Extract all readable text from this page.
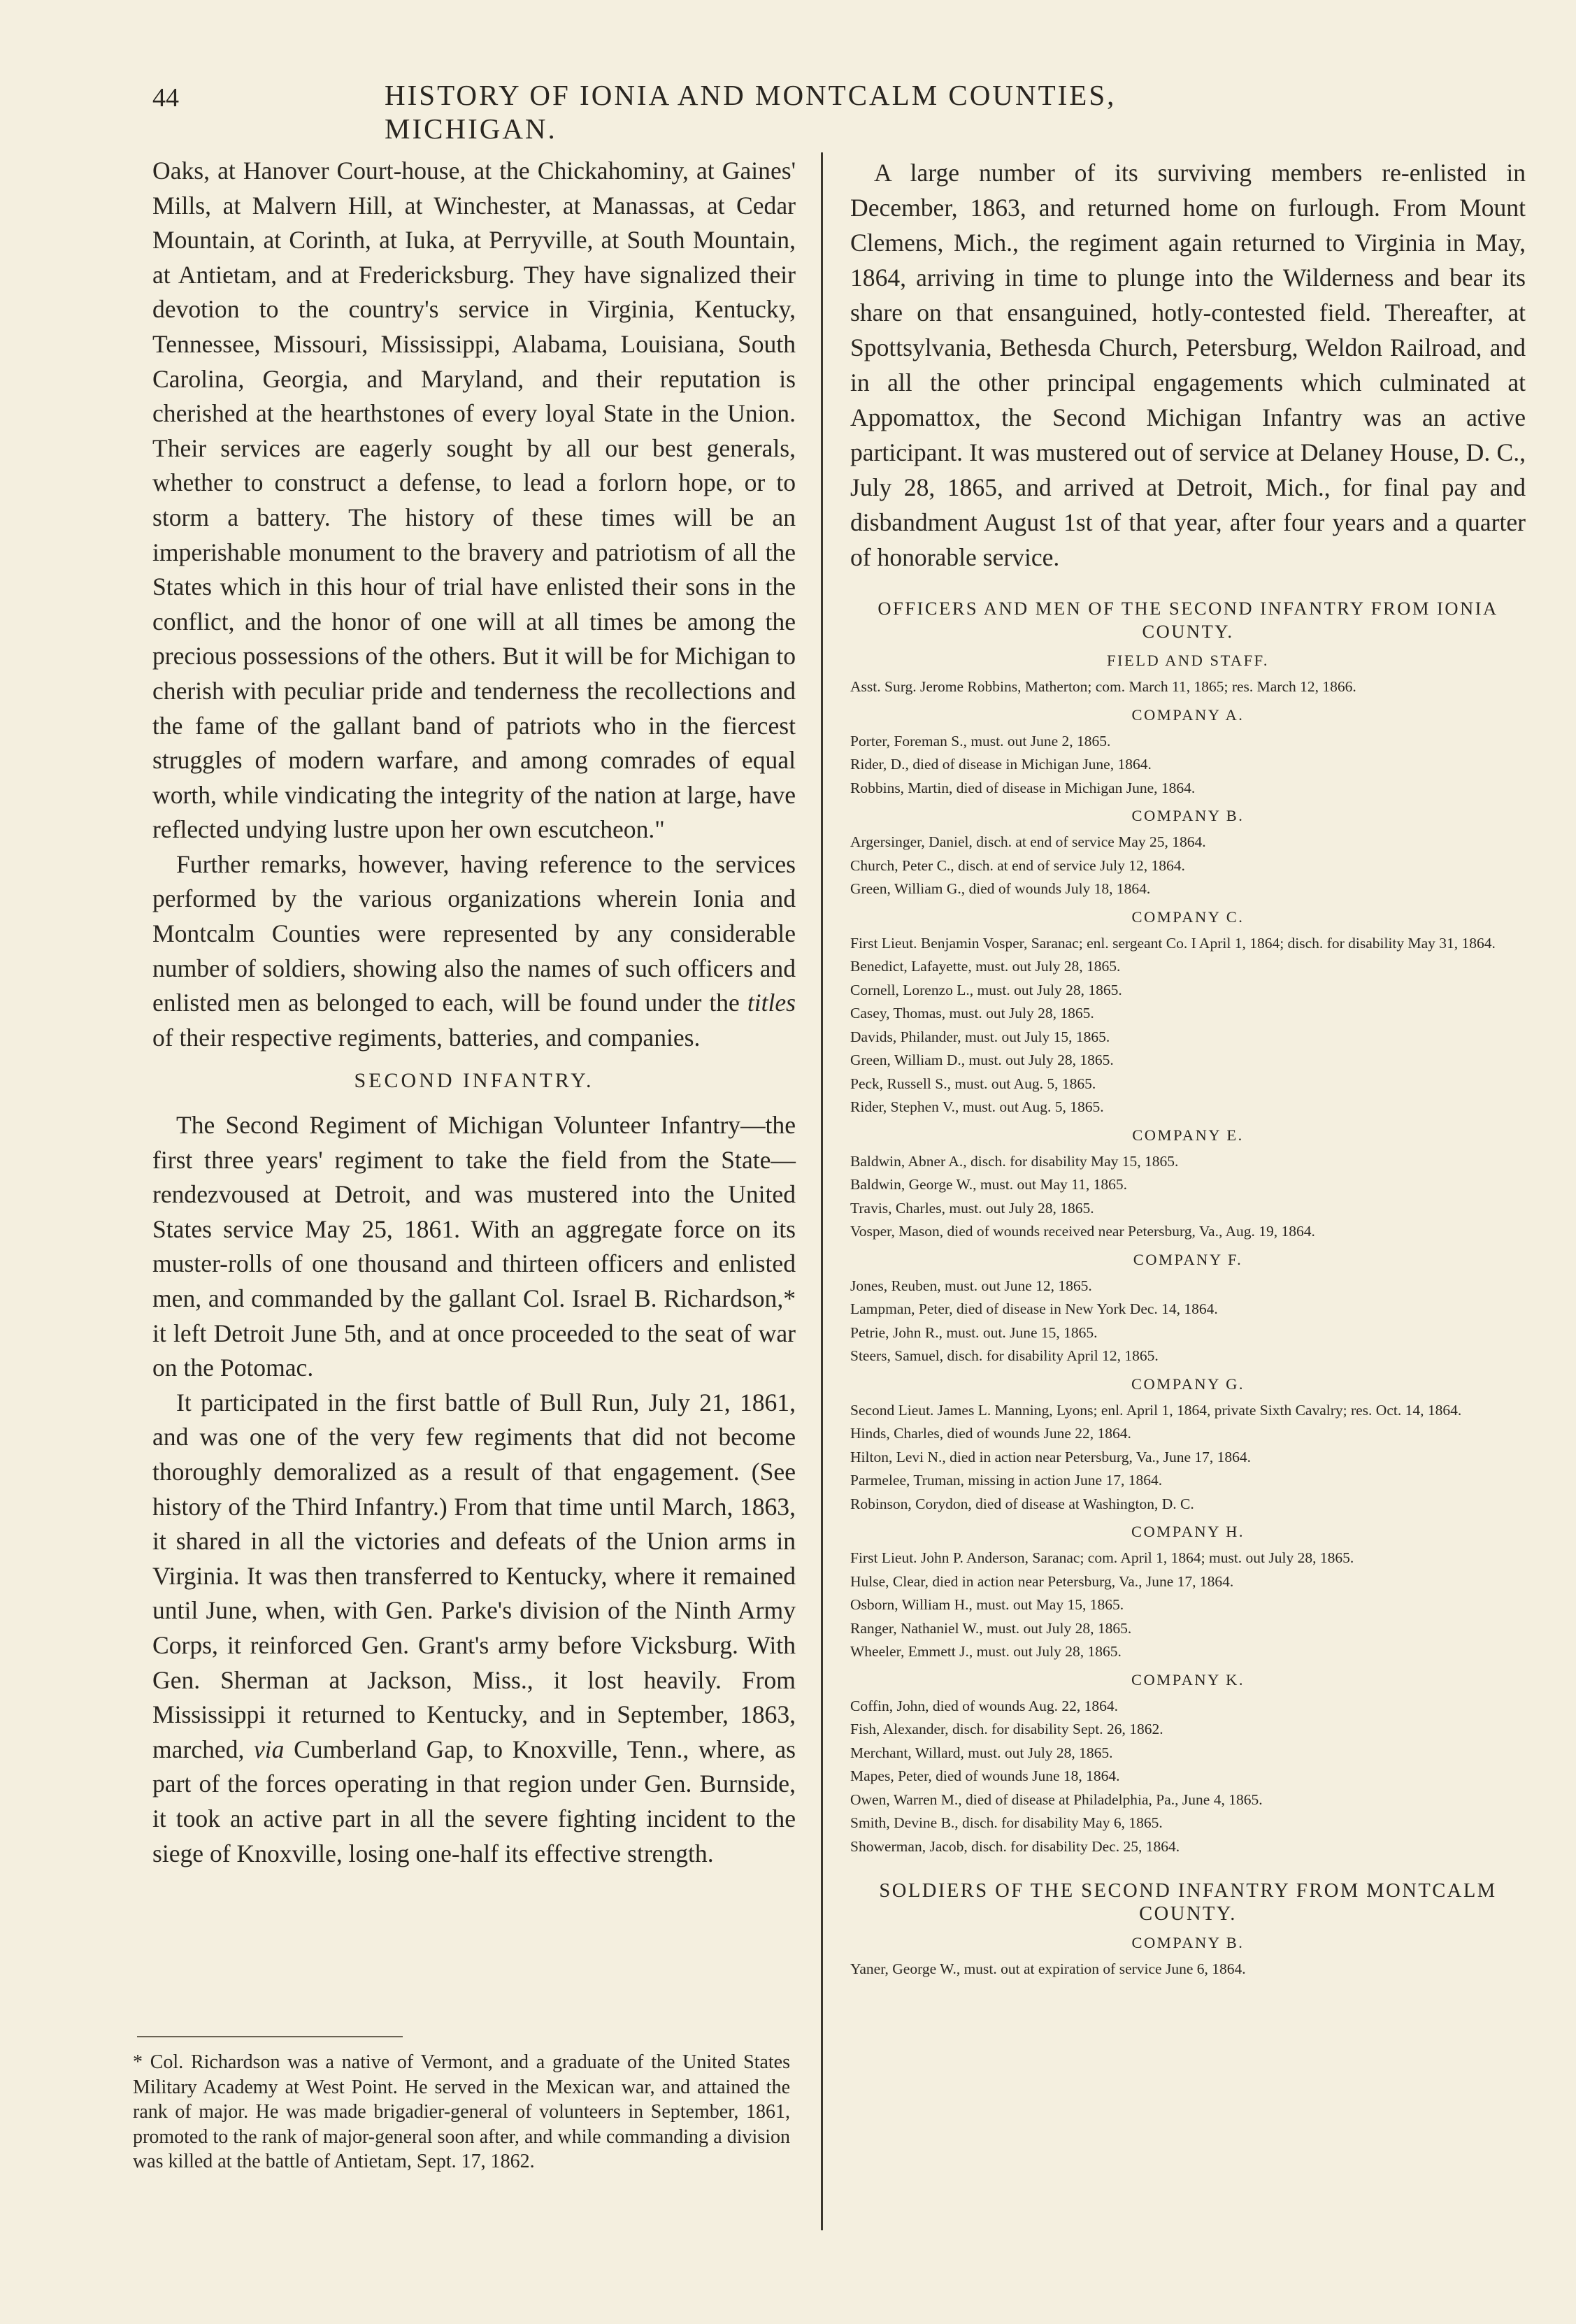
44	HISTORY OF IONIA AND MONTCALM COUNTIES, MICHIGAN.

Oaks, at Hanover Court-house, at the Chickahominy, at Gaines' Mills, at Malvern Hill, at Winchester, at Manassas, at Cedar Mountain, at Corinth, at Iuka, at Perryville, at South Mountain, at Antietam, and at Fredericksburg. They have signalized their devotion to the country's service in Virginia, Kentucky, Tennessee, Missouri, Mississippi, Alabama, Louisiana, South Carolina, Georgia, and Maryland, and their reputation is cherished at the hearthstones of every loyal State in the Union. Their services are eagerly sought by all our best generals, whether to construct a defense, to lead a forlorn hope, or to storm a battery. The history of these times will be an imperishable monument to the bravery and patriotism of all the States which in this hour of trial have enlisted their sons in the conflict, and the honor of one will at all times be among the precious possessions of the others. But it will be for Michigan to cherish with peculiar pride and tenderness the recollections and the fame of the gallant band of patriots who in the fiercest struggles of modern warfare, and among comrades of equal worth, while vindicating the integrity of the nation at large, have reflected undying lustre upon her own escutcheon."

Further remarks, however, having reference to the services performed by the various organizations wherein Ionia and Montcalm Counties were represented by any considerable number of soldiers, showing also the names of such officers and enlisted men as belonged to each, will be found under the titles of their respective regiments, batteries, and companies.

SECOND INFANTRY.

The Second Regiment of Michigan Volunteer Infantry—the first three years' regiment to take the field from the State—rendezvoused at Detroit, and was mustered into the United States service May 25, 1861. With an aggregate force on its muster-rolls of one thousand and thirteen officers and enlisted men, and commanded by the gallant Col. Israel B. Richardson,* it left Detroit June 5th, and at once proceeded to the seat of war on the Potomac.

It participated in the first battle of Bull Run, July 21, 1861, and was one of the very few regiments that did not become thoroughly demoralized as a result of that engagement. (See history of the Third Infantry.) From that time until March, 1863, it shared in all the victories and defeats of the Union arms in Virginia. It was then transferred to Kentucky, where it remained until June, when, with Gen. Parke's division of the Ninth Army Corps, it reinforced Gen. Grant's army before Vicksburg. With Gen. Sherman at Jackson, Miss., it lost heavily. From Mississippi it returned to Kentucky, and in September, 1863, marched, via Cumberland Gap, to Knoxville, Tenn., where, as part of the forces operating in that region under Gen. Burnside, it took an active part in all the severe fighting incident to the siege of Knoxville, losing one-half its effective strength.

* Col. Richardson was a native of Vermont, and a graduate of the United States Military Academy at West Point. He served in the Mexican war, and attained the rank of major. He was made brigadier-general of volunteers in September, 1861, promoted to the rank of major-general soon after, and while commanding a division was killed at the battle of Antietam, Sept. 17, 1862.

A large number of its surviving members re-enlisted in December, 1863, and returned home on furlough. From Mount Clemens, Mich., the regiment again returned to Virginia in May, 1864, arriving in time to plunge into the Wilderness and bear its share on that ensanguined, hotly-contested field. Thereafter, at Spottsylvania, Bethesda Church, Petersburg, Weldon Railroad, and in all the other principal engagements which culminated at Appomattox, the Second Michigan Infantry was an active participant. It was mustered out of service at Delaney House, D. C., July 28, 1865, and arrived at Detroit, Mich., for final pay and disbandment August 1st of that year, after four years and a quarter of honorable service.

OFFICERS AND MEN OF THE SECOND INFANTRY FROM IONIA COUNTY.
FIELD AND STAFF.
Asst. Surg. Jerome Robbins, Matherton; com. March 11, 1865; res. March 12, 1866.
COMPANY A.
Porter, Foreman S., must. out June 2, 1865.
Rider, D., died of disease in Michigan June, 1864.
Robbins, Martin, died of disease in Michigan June, 1864.
COMPANY B.
Argersinger, Daniel, disch. at end of service May 25, 1864.
Church, Peter C., disch. at end of service July 12, 1864.
Green, William G., died of wounds July 18, 1864.
COMPANY C.
First Lieut. Benjamin Vosper, Saranac; enl. sergeant Co. I April 1, 1864; disch. for disability May 31, 1864.
Benedict, Lafayette, must. out July 28, 1865.
Cornell, Lorenzo L., must. out July 28, 1865.
Casey, Thomas, must. out July 28, 1865.
Davids, Philander, must. out July 15, 1865.
Green, William D., must. out July 28, 1865.
Peck, Russell S., must. out Aug. 5, 1865.
Rider, Stephen V., must. out Aug. 5, 1865.
COMPANY E.
Baldwin, Abner A., disch. for disability May 15, 1865.
Baldwin, George W., must. out May 11, 1865.
Travis, Charles, must. out July 28, 1865.
Vosper, Mason, died of wounds received near Petersburg, Va., Aug. 19, 1864.
COMPANY F.
Jones, Reuben, must. out June 12, 1865.
Lampman, Peter, died of disease in New York Dec. 14, 1864.
Petrie, John R., must. out. June 15, 1865.
Steers, Samuel, disch. for disability April 12, 1865.
COMPANY G.
Second Lieut. James L. Manning, Lyons; enl. April 1, 1864, private Sixth Cavalry; res. Oct. 14, 1864.
Hinds, Charles, died of wounds June 22, 1864.
Hilton, Levi N., died in action near Petersburg, Va., June 17, 1864.
Parmelee, Truman, missing in action June 17, 1864.
Robinson, Corydon, died of disease at Washington, D. C.
COMPANY H.
First Lieut. John P. Anderson, Saranac; com. April 1, 1864; must. out July 28, 1865.
Hulse, Clear, died in action near Petersburg, Va., June 17, 1864.
Osborn, William H., must. out May 15, 1865.
Ranger, Nathaniel W., must. out July 28, 1865.
Wheeler, Emmett J., must. out July 28, 1865.
COMPANY K.
Coffin, John, died of wounds Aug. 22, 1864.
Fish, Alexander, disch. for disability Sept. 26, 1862.
Merchant, Willard, must. out July 28, 1865.
Mapes, Peter, died of wounds June 18, 1864.
Owen, Warren M., died of disease at Philadelphia, Pa., June 4, 1865.
Smith, Devine B., disch. for disability May 6, 1865.
Showerman, Jacob, disch. for disability Dec. 25, 1864.
SOLDIERS OF THE SECOND INFANTRY FROM MONTCALM COUNTY.
COMPANY B.
Yaner, George W., must. out at expiration of service June 6, 1864.
